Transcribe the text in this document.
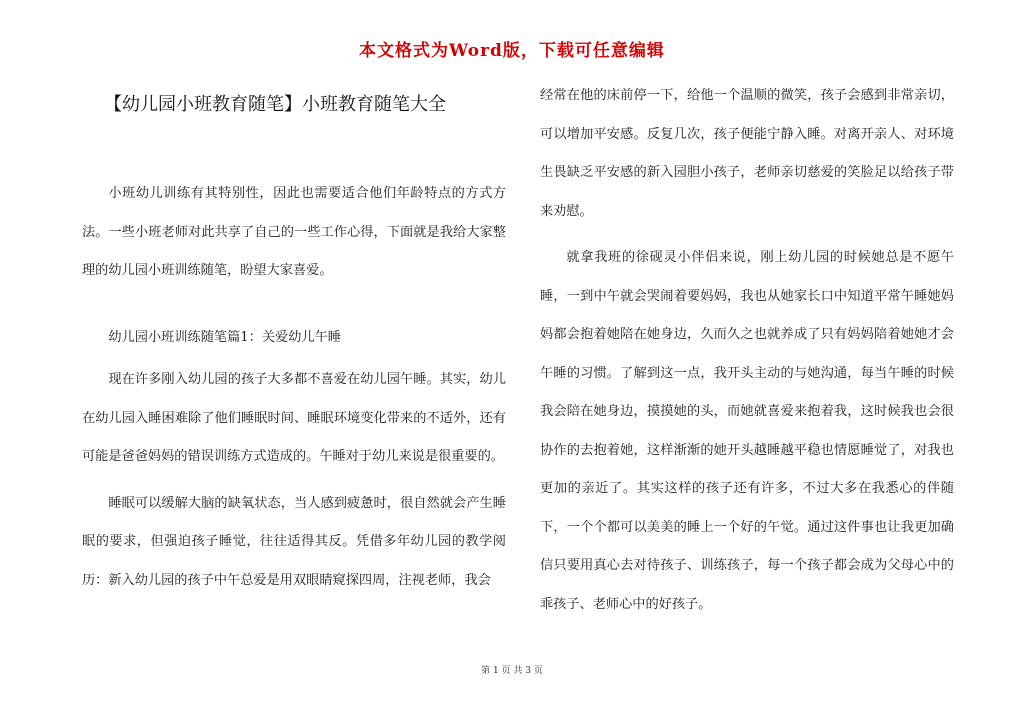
本文格式为Word版，下载可任意编辑
【幼儿园小班教育随笔】小班教育随笔大全

小班幼儿训练有其特别性，因此也需要适合他们年龄特点的方式方法。一些小班老师对此共享了自己的一些工作心得，下面就是我给大家整理的幼儿园小班训练随笔，盼望大家喜爱。

幼儿园小班训练随笔篇1：关爱幼儿午睡

现在许多刚入幼儿园的孩子大多都不喜爱在幼儿园午睡。其实，幼儿在幼儿园入睡困难除了他们睡眠时间、睡眠环境变化带来的不适外，还有可能是爸爸妈妈的错误训练方式造成的。午睡对于幼儿来说是很重要的。

睡眠可以缓解大脑的缺氧状态，当人感到疲惫时，很自然就会产生睡眠的要求，但强迫孩子睡觉，往往适得其反。凭借多年幼儿园的教学阅历：新入幼儿园的孩子中午总爱是用双眼睛窥探四周，注视老师，我会

经常在他的床前停一下，给他一个温顺的微笑，孩子会感到非常亲切，可以增加平安感。反复几次，孩子便能宁静入睡。对离开亲人、对环境生畏缺乏平安感的新入园胆小孩子，老师亲切慈爱的笑脸足以给孩子带来劝慰。

就拿我班的徐砚灵小伴侣来说，刚上幼儿园的时候她总是不愿午睡，一到中午就会哭闹着要妈妈，我也从她家长口中知道平常午睡她妈妈都会抱着她陪在她身边，久而久之也就养成了只有妈妈陪着她她才会午睡的习惯。了解到这一点，我开头主动的与她沟通，每当午睡的时候我会陪在她身边，摸摸她的头，而她就喜爱来抱着我，这时候我也会很协作的去抱着她，这样渐渐的她开头越睡越平稳也情愿睡觉了，对我也更加的亲近了。其实这样的孩子还有许多，不过大多在我悉心的伴随下，一个个都可以美美的睡上一个好的午觉。通过这件事也让我更加确信只要用真心去对待孩子、训练孩子，每一个孩子都会成为父母心中的乖孩子、老师心中的好孩子。

第 1 页 共 3 页
